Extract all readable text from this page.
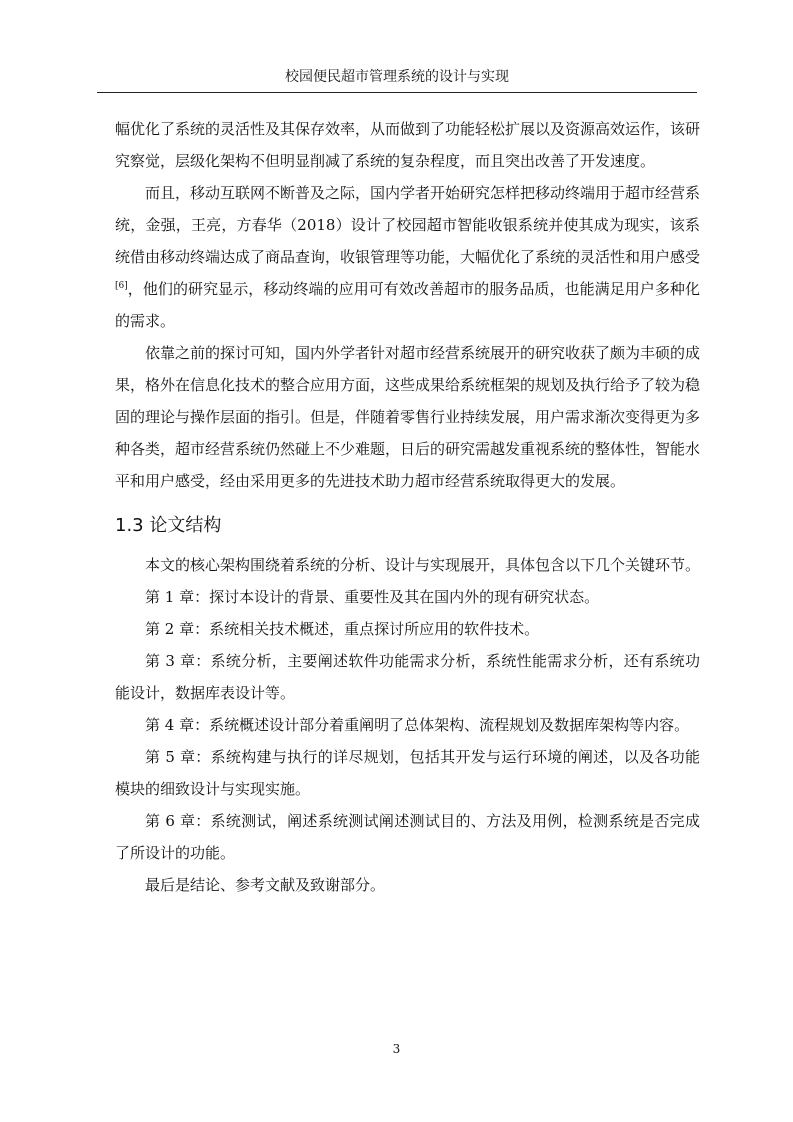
校园便民超市管理系统的设计与实现

幅优化了系统的灵活性及其保存效率，从而做到了功能轻松扩展以及资源高效运作，该研究察觉，层级化架构不但明显削减了系统的复杂程度，而且突出改善了开发速度。

而且，移动互联网不断普及之际，国内学者开始研究怎样把移动终端用于超市经营系统，金强，王亮，方春华（2018）设计了校园超市智能收银系统并使其成为现实，该系统借由移动终端达成了商品查询，收银管理等功能，大幅优化了系统的灵活性和用户感受[6]，他们的研究显示，移动终端的应用可有效改善超市的服务品质，也能满足用户多种化的需求。

依靠之前的探讨可知，国内外学者针对超市经营系统展开的研究收获了颇为丰硕的成果，格外在信息化技术的整合应用方面，这些成果给系统框架的规划及执行给予了较为稳固的理论与操作层面的指引。但是，伴随着零售行业持续发展，用户需求渐次变得更为多种各类，超市经营系统仍然碰上不少难题，日后的研究需越发重视系统的整体性，智能水平和用户感受，经由采用更多的先进技术助力超市经营系统取得更大的发展。

1.3 论文结构

本文的核心架构围绕着系统的分析、设计与实现展开，具体包含以下几个关键环节。

第 1 章：探讨本设计的背景、重要性及其在国内外的现有研究状态。

第 2 章：系统相关技术概述，重点探讨所应用的软件技术。

第 3 章：系统分析，主要阐述软件功能需求分析，系统性能需求分析，还有系统功能设计，数据库表设计等。

第 4 章：系统概述设计部分着重阐明了总体架构、流程规划及数据库架构等内容。

第 5 章：系统构建与执行的详尽规划，包括其开发与运行环境的阐述，以及各功能模块的细致设计与实现实施。

第 6 章：系统测试，阐述系统测试阐述测试目的、方法及用例，检测系统是否完成了所设计的功能。

最后是结论、参考文献及致谢部分。

3
